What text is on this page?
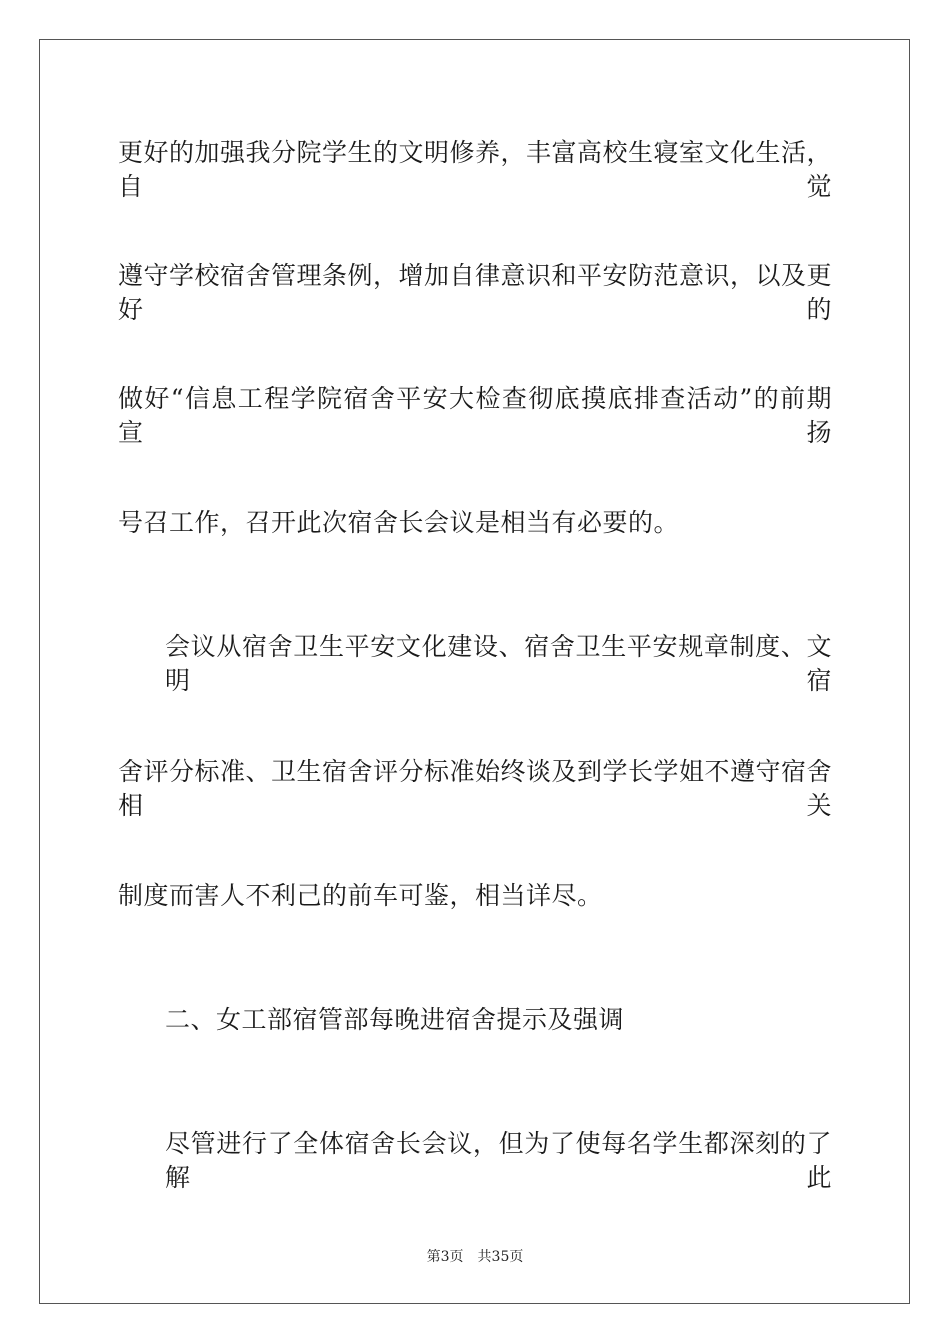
更好的加强我分院学生的文明修养，丰富高校生寝室文化生活，自觉
遵守学校宿舍管理条例，增加自律意识和平安防范意识，以及更好的
做好“信息工程学院宿舍平安大检查彻底摸底排查活动”的前期宣扬
号召工作，召开此次宿舍长会议是相当有必要的。
会议从宿舍卫生平安文化建设、宿舍卫生平安规章制度、文明宿
舍评分标准、卫生宿舍评分标准始终谈及到学长学姐不遵守宿舍相关
制度而害人不利己的前车可鉴，相当详尽。
二、女工部宿管部每晚进宿舍提示及强调
尽管进行了全体宿舍长会议，但为了使每名学生都深刻的了解此
第3页 共35页
